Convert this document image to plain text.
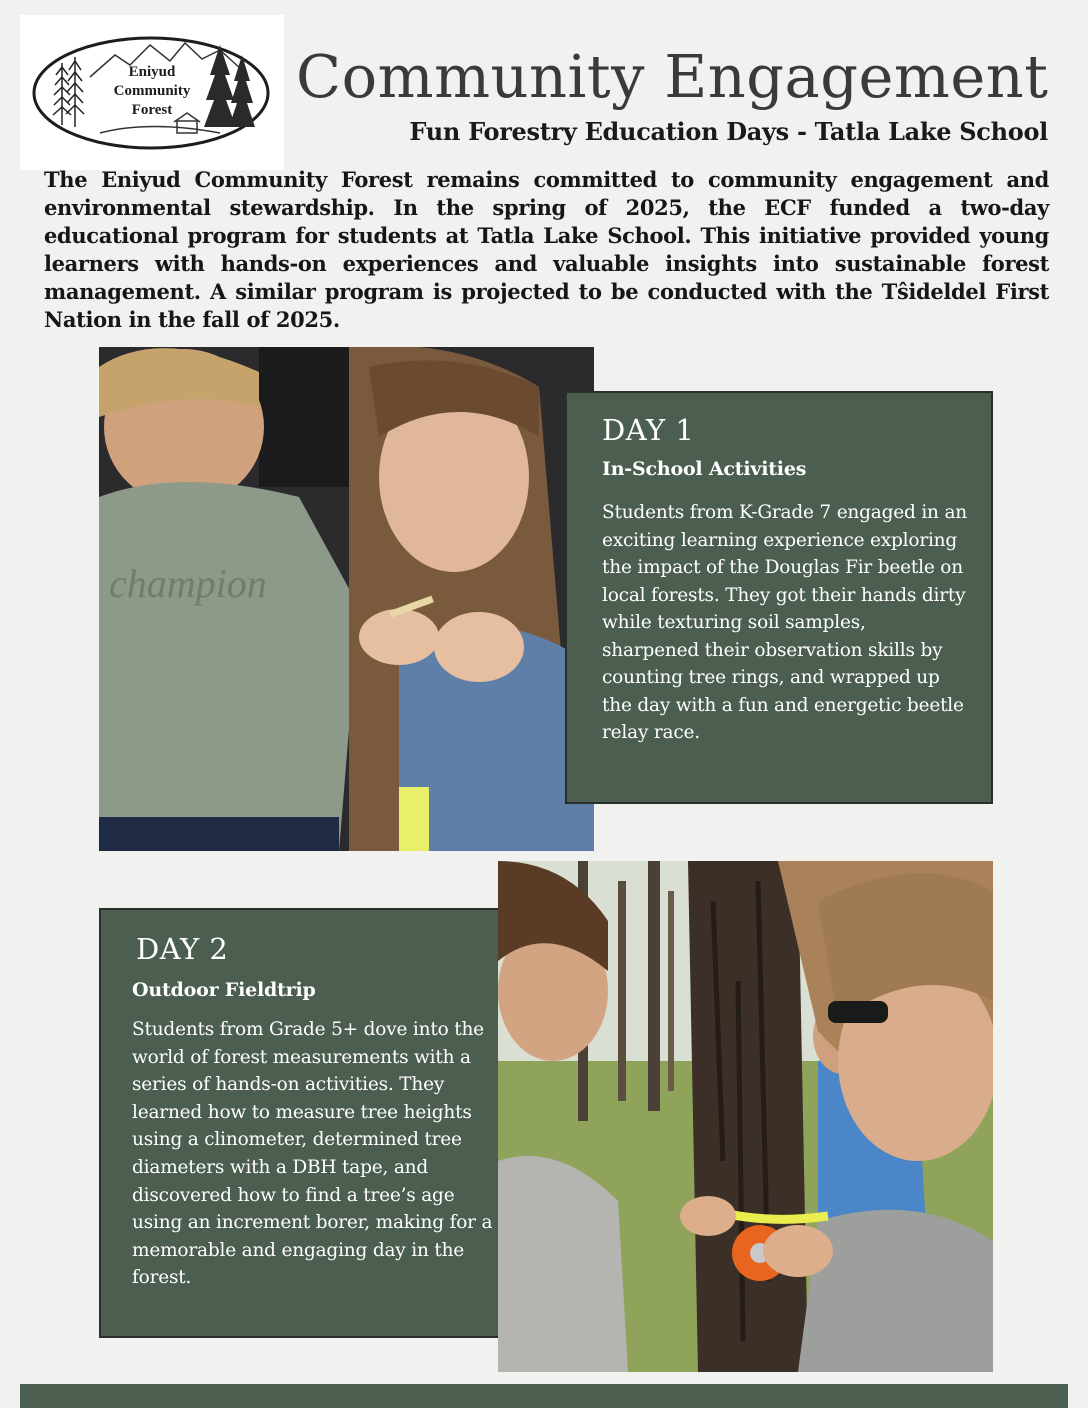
Eniyud
Community
Forest	Community Engagement
Fun Forestry Education Days - Tatla Lake School
The Eniyud Community Forest remains committed to community engagement and environmental stewardship. In the spring of 2025, the ECF funded a two-day educational program for students at Tatla Lake School. This initiative provided young learners with hands-on experiences and valuable insights into sustainable forest management. A similar program is projected to be conducted with the Tŝideldel First Nation in the fall of 2025.
champion
DAY 1
In-School Activities
Students from K-Grade 7 engaged in an exciting learning experience exploring the impact of the Douglas Fir beetle on local forests. They got their hands dirty while texturing soil samples, sharpened their observation skills by counting tree rings, and wrapped up the day with a fun and energetic beetle relay race.
DAY 2
Outdoor Fieldtrip
Students from Grade 5+ dove into the world of forest measurements with a series of hands-on activities. They learned how to measure tree heights using a clinometer, determined tree diameters with a DBH tape, and discovered how to find a tree’s age using an increment borer, making for a memorable and engaging day in the forest.
